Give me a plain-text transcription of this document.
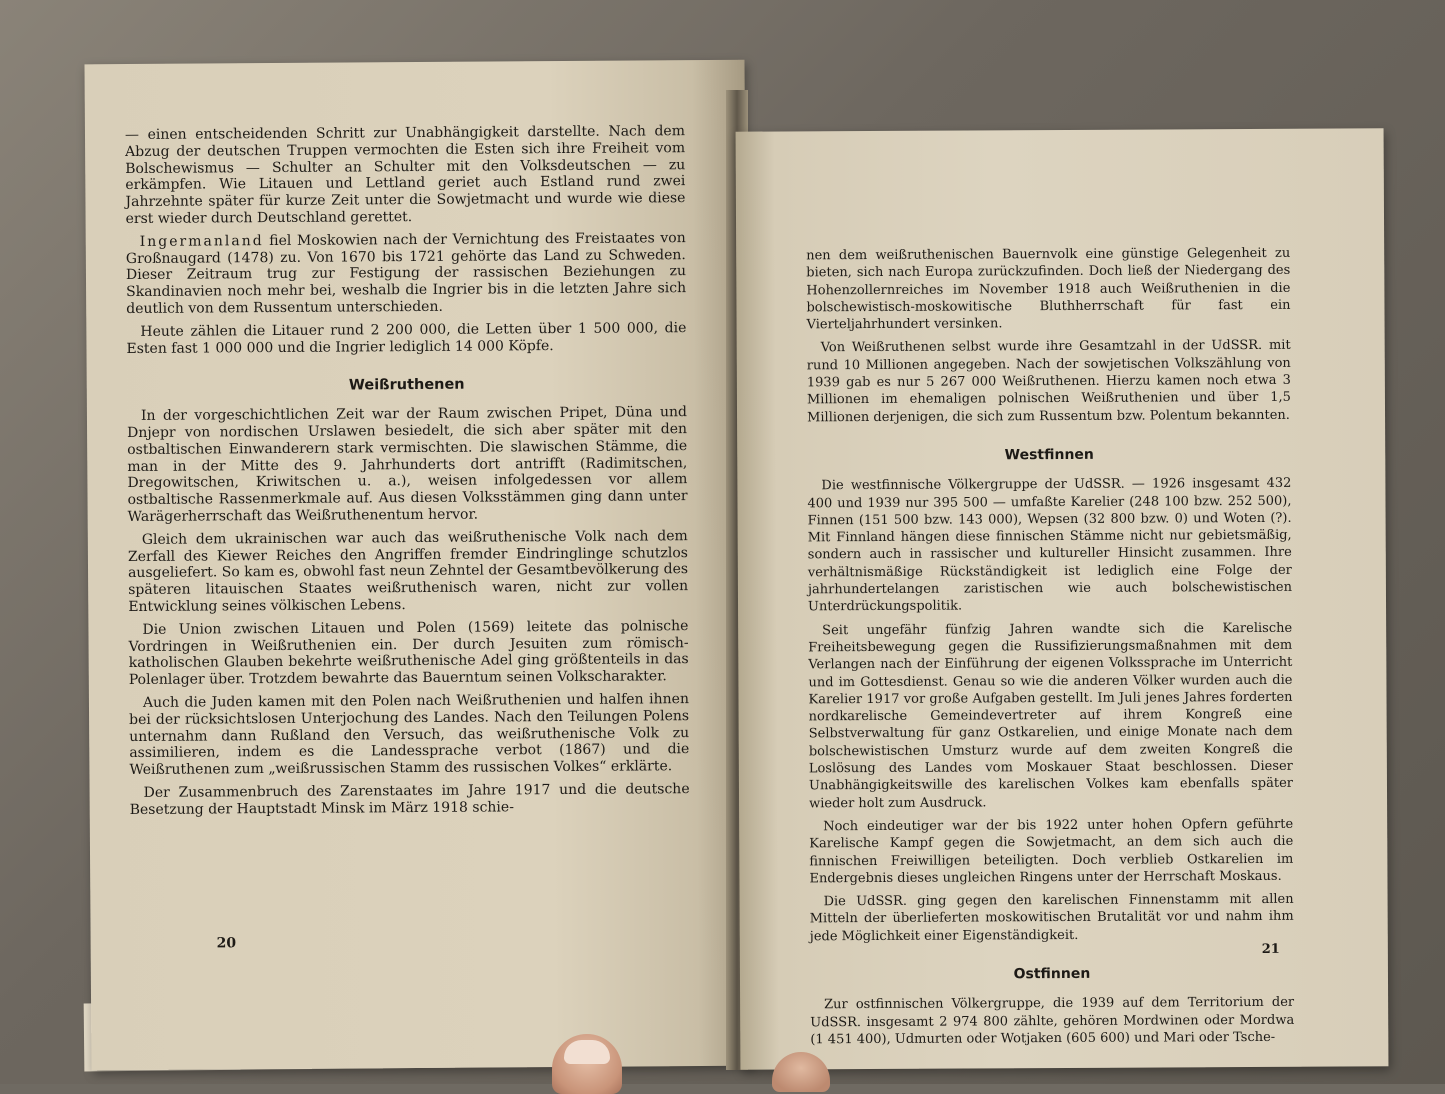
— einen entscheidenden Schritt zur Unabhängigkeit darstellte. Nach dem Abzug der deutschen Truppen vermochten die Esten sich ihre Freiheit vom Bolschewismus — Schulter an Schulter mit den Volksdeutschen — zu erkämpfen. Wie Litauen und Lettland geriet auch Estland rund zwei Jahrzehnte später für kurze Zeit unter die Sowjetmacht und wurde wie diese erst wieder durch Deutschland gerettet.

Ingermanland fiel Moskowien nach der Vernichtung des Freistaates von Großnaugard (1478) zu. Von 1670 bis 1721 gehörte das Land zu Schweden. Dieser Zeitraum trug zur Festigung der rassischen Beziehungen zu Skandinavien noch mehr bei, weshalb die Ingrier bis in die letzten Jahre sich deutlich von dem Russentum unterschieden.

Heute zählen die Litauer rund 2 200 000, die Letten über 1 500 000, die Esten fast 1 000 000 und die Ingrier lediglich 14 000 Köpfe.

Weißruthenen

In der vorgeschichtlichen Zeit war der Raum zwischen Pripet, Düna und Dnjepr von nordischen Urslawen besiedelt, die sich aber später mit den ostbaltischen Einwanderern stark vermischten. Die slawischen Stämme, die man in der Mitte des 9. Jahrhunderts dort antrifft (Radimitschen, Dregowitschen, Kriwitschen u. a.), weisen infolgedessen vor allem ostbaltische Rassenmerkmale auf. Aus diesen Volksstämmen ging dann unter Warägerherrschaft das Weißruthenentum hervor.

Gleich dem ukrainischen war auch das weißruthenische Volk nach dem Zerfall des Kiewer Reiches den Angriffen fremder Eindringlinge schutzlos ausgeliefert. So kam es, obwohl fast neun Zehntel der Gesamtbevölkerung des späteren litauischen Staates weißruthenisch waren, nicht zur vollen Entwicklung seines völkischen Lebens.

Die Union zwischen Litauen und Polen (1569) leitete das polnische Vordringen in Weißruthenien ein. Der durch Jesuiten zum römisch-katholischen Glauben bekehrte weißruthenische Adel ging größtenteils in das Polenlager über. Trotzdem bewahrte das Bauerntum seinen Volkscharakter.

Auch die Juden kamen mit den Polen nach Weißruthenien und halfen ihnen bei der rücksichtslosen Unterjochung des Landes. Nach den Teilungen Polens unternahm dann Rußland den Versuch, das weißruthenische Volk zu assimilieren, indem es die Landessprache verbot (1867) und die Weißruthenen zum „weißrussischen Stamm des russischen Volkes“ erklärte.

Der Zusammenbruch des Zarenstaates im Jahre 1917 und die deutsche Besetzung der Hauptstadt Minsk im März 1918 schie-

20

nen dem weißruthenischen Bauernvolk eine günstige Gelegenheit zu bieten, sich nach Europa zurückzufinden. Doch ließ der Niedergang des Hohenzollernreiches im November 1918 auch Weißruthenien in die bolschewistisch-moskowitische Bluthherrschaft für fast ein Vierteljahrhundert versinken.

Von Weißruthenen selbst wurde ihre Gesamtzahl in der UdSSR. mit rund 10 Millionen angegeben. Nach der sowjetischen Volkszählung von 1939 gab es nur 5 267 000 Weißruthenen. Hierzu kamen noch etwa 3 Millionen im ehemaligen polnischen Weißruthenien und über 1,5 Millionen derjenigen, die sich zum Russentum bzw. Polentum bekannten.

Westfinnen

Die westfinnische Völkergruppe der UdSSR. — 1926 insgesamt 432 400 und 1939 nur 395 500 — umfaßte Karelier (248 100 bzw. 252 500), Finnen (151 500 bzw. 143 000), Wepsen (32 800 bzw. 0) und Woten (?). Mit Finnland hängen diese finnischen Stämme nicht nur gebietsmäßig, sondern auch in rassischer und kultureller Hinsicht zusammen. Ihre verhältnismäßige Rückständigkeit ist lediglich eine Folge der jahrhundertelangen zaristischen wie auch bolschewistischen Unterdrückungspolitik.

Seit ungefähr fünfzig Jahren wandte sich die Karelische Freiheitsbewegung gegen die Russifizierungsmaßnahmen mit dem Verlangen nach der Einführung der eigenen Volkssprache im Unterricht und im Gottesdienst. Genau so wie die anderen Völker wurden auch die Karelier 1917 vor große Aufgaben gestellt. Im Juli jenes Jahres forderten nordkarelische Gemeindevertreter auf ihrem Kongreß eine Selbstverwaltung für ganz Ostkarelien, und einige Monate nach dem bolschewistischen Umsturz wurde auf dem zweiten Kongreß die Loslösung des Landes vom Moskauer Staat beschlossen. Dieser Unabhängigkeitswille des karelischen Volkes kam ebenfalls später wieder holt zum Ausdruck.

Noch eindeutiger war der bis 1922 unter hohen Opfern geführte Karelische Kampf gegen die Sowjetmacht, an dem sich auch die finnischen Freiwilligen beteiligten. Doch verblieb Ostkarelien im Endergebnis dieses ungleichen Ringens unter der Herrschaft Moskaus.

Die UdSSR. ging gegen den karelischen Finnenstamm mit allen Mitteln der überlieferten moskowitischen Brutalität vor und nahm ihm jede Möglichkeit einer Eigenständigkeit.

Ostfinnen

Zur ostfinnischen Völkergruppe, die 1939 auf dem Territorium der UdSSR. insgesamt 2 974 800 zählte, gehören Mordwinen oder Mordwa (1 451 400), Udmurten oder Wotjaken (605 600) und Mari oder Tsche-

21
